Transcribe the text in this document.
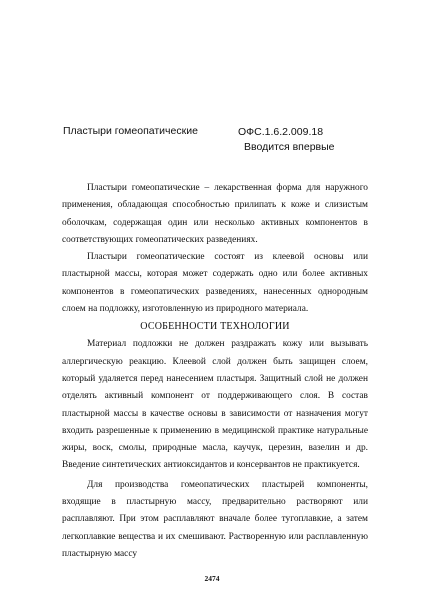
Пластыри гомеопатические	ОФС.1.6.2.009.18
Вводится впервые

Пластыри гомеопатические – лекарственная форма для наружного применения, обладающая способностью прилипать к коже и слизистым оболочкам, содержащая один или несколько активных компонентов в соответствующих гомеопатических разведениях.

Пластыри гомеопатические состоят из клеевой основы или пластырной массы, которая может содержать одно или более активных компонентов в гомеопатических разведениях, нанесенных однородным слоем на подложку, изготовленную из природного материала.

ОСОБЕННОСТИ ТЕХНОЛОГИИ

Материал подложки не должен раздражать кожу или вызывать аллергическую реакцию. Клеевой слой должен быть защищен слоем, который удаляется перед нанесением пластыря. Защитный слой не должен отделять активный компонент от поддерживающего слоя. В состав пластырной массы в качестве основы в зависимости от назначения могут входить разрешенные к применению в медицинской практике натуральные жиры, воск, смолы, природные масла, каучук, церезин, вазелин и др. Введение синтетических антиоксидантов и консервантов не практикуется.

Для производства гомеопатических пластырей компоненты, входящие в пластырную массу, предварительно растворяют или расплавляют. При этом расплавляют вначале более тугоплавкие, а затем легкоплавкие вещества и их смешивают. Растворенную или расплавленную пластырную массу

2474
